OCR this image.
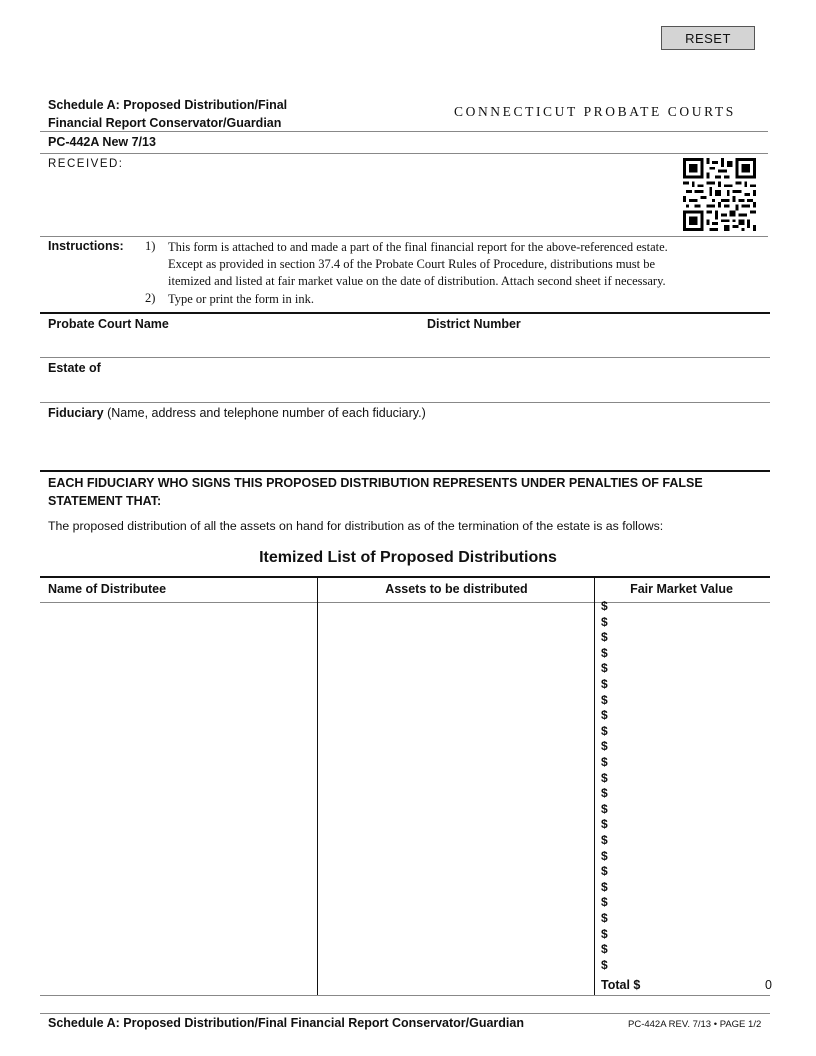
RESET
Schedule A: Proposed Distribution/Final
Financial Report Conservator/Guardian
CONNECTICUT PROBATE COURTS
PC-442A New 7/13
RECEIVED:
Instructions: 1) This form is attached to and made a part of the final financial report for the above-referenced estate.
Except as provided in section 37.4 of the Probate Court Rules of Procedure, distributions must be
itemized and listed at fair market value on the date of distribution. Attach second sheet if necessary.
2) Type or print the form in ink.
Probate Court Name	District Number
Estate of
Fiduciary (Name, address and telephone number of each fiduciary.)
EACH FIDUCIARY WHO SIGNS THIS PROPOSED DISTRIBUTION REPRESENTS UNDER PENALTIES OF FALSE
STATEMENT THAT:
The proposed distribution of all the assets on hand for distribution as of the termination of the estate is as follows:
Itemized List of Proposed Distributions
Name of Distributee	Assets to be distributed	Fair Market Value
$
$
$
$
$
$
$
$
$
$
$
$
$
$
$
$
$
$
$
$
$
$
$
$
Total $	0
Schedule A: Proposed Distribution/Final Financial Report Conservator/Guardian	PC-442A REV. 7/13 • PAGE 1/2
